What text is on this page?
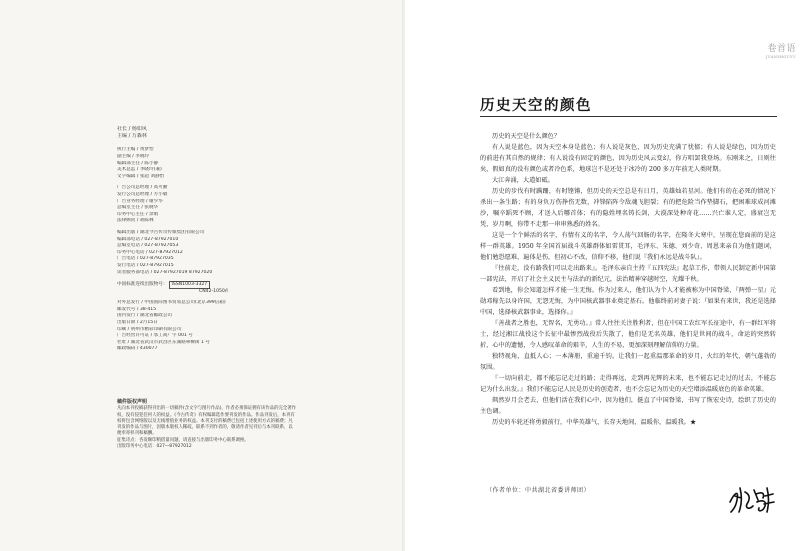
社长 / 杨如风
主编 / 万森林
执行主编 / 黄梦怡
副主编 / 李晓玲
编辑部主任 / 陈小静
美术总监 / 李晓玲(兼)
文字编辑 / 张超 刘静怡
广告公司总经理 / 高可勤
发行公司总经理 / 方小敏
广告业务经理 / 谢少华
总编室主任 / 张晓华
印务中心主任 / 余娟
法律顾问 / 胡陈林
编辑出版 / 湖北今古传奇传媒集团有限公司
编辑部电话 / 027-87927010
总编室电话 / 027-87927053
印务中心电话 / 027-87927012
广告电话 / 027-87927035
发行电话 / 027-87927015
读者服务部电话 / 027-87927019 87927020
中国标准连续出版物号： ISSN1003-3327
CN42-1050/I
对外总发行 / 中国国际图书贸易总公司(北京399信箱)
邮发代号 / 38-415
国内发行 / 湖北省邮政公司
出版日期 / 2月15日
印刷 / 荆州市精彩印刷有限公司
广告经营许可证 / 鄂工商广字 001 号
社址 / 湖北省武汉市武昌区东湖路翠柳街 1 号
邮政编码 / 430077
稿件版权声明

凡向本刊投稿获得刊出的一切稿件(含文字与图片作品)，作者必须保证拥有该作品的完全著作权，没有侵犯任何人的权益。《今古传奇》有权编辑选作要刊发的作品。作品刊发后，本刊有权将包含网络版以及无线增值业务的权益。本刊支付的稿费已包括上述使用方式的稿费；凡刊发的作品与图片，因版本版权人稀疏，联系不到作者的，敬请作者见刊后与本刊联系，以便奉寄样刊和稿酬。

征集诗点：杏发顺印稍搭量问题，请直接与出版印务中心联系调换。
出版印务中心电话：027—87927012
卷首语
JUANSHOUYU
历史天空的颜色

历史的天空是什么颜色？

有人说是蓝色，因为天空本身是蓝色；有人说是灰色，因为历史充满了忧郁；有人说是绿色，因为历史的前进有其自然的规律；有人说没有固定的颜色，因为历史风云变幻，你方唱罢我登场。东刚来之，日则往矣，假如真的没有颜色或者冷色系，地球岂不是还处于冰冷的 200 多万年前无人类时期。

大江奔涌，大道如砥。

历史的步伐有时蹒跚，有时铿锵，但历史的天空总是有日月，英雄灿若星河。他们有的在必死的情况下杀出一条生路；有的身负万伤挣伤无数，冲锋陷阵令敌魂飞胆裂；有的把危险当作垫脚石，把困难球成河滩沙，嘱卒蹈死不顾，才送入后哪首体；有的隐姓埋名铸长剑，大漠深处种奇花……兴亡谁人定，盛衰岂无凭，岁月啊，你带不走那一串串熟悉的姓名。

这是一个个鲜活的名字，有情有义的名字，令人荡气回肠的名字，在隆冬大寒中，呈现在您面前的是这样一群英雄。1950 年全国首届战斗英雄群体如雷贯耳，毛泽东、朱德、刘少奇、周恩来亲自为他们题词，他们勉恐愿难，遍体是伤，但初心不改，信仰不移，他们说『我们永远是战斗队』。

『往前走，没有路我们可以走出路来』。毛泽东亲自主持『五四宪法』起草工作，带领人民制定新中国第一部宪法，开启了社会主义民主与法治的新纪元，法治精神穿越时空，光耀千秋。

看到地，你会知道怎样才能一生无悔。作为过来人，他们认为个人才能被称为中国脊梁，『两弹一星』元勋邓稼先以身许国，无怨无悔，为中国核武器事业奠定基石。他临终前对妻子说：『如果有来世，我还是选择中国，选择核武器事业，选择你。』

『善战者之胜也，无智名，无勇功。』常人往往关注胜利者，但在中国工农红军长征途中，有一群红军将士，经过湘江战役这个长征中最惨烈战役后失散了，他们是无名英雄，他们是世间的战斗，命运的突然转折，心中的遗憾，令人感叹革命的艰辛，人生的不易，更加深刻理解信仰的力量。

独特视角，直抵人心；一本薄册，重逾千钧。让我们一起重温那革命的岁月，火红的年代，朝气蓬勃的氛围。

『一切向前走，都不能忘记走过的路；走得再远，走到再光辉的未来，也不能忘记走过的过去，不能忘记为什么出发。』我们不能忘记人民是历史的创造者，也不会忘记为历史的天空增添温暖底色的革命英雄。

飒然岁月会老去，但他们活在我们心中，因为他们，挺直了中国脊梁，书写了恢宏史诗，绘织了历史的主色调。

历史的车轮还将勇毅前行，中华英雄气，长存天地间，温暖你，温暖我。★

（作者单位：中共湖北省委讲师团）
